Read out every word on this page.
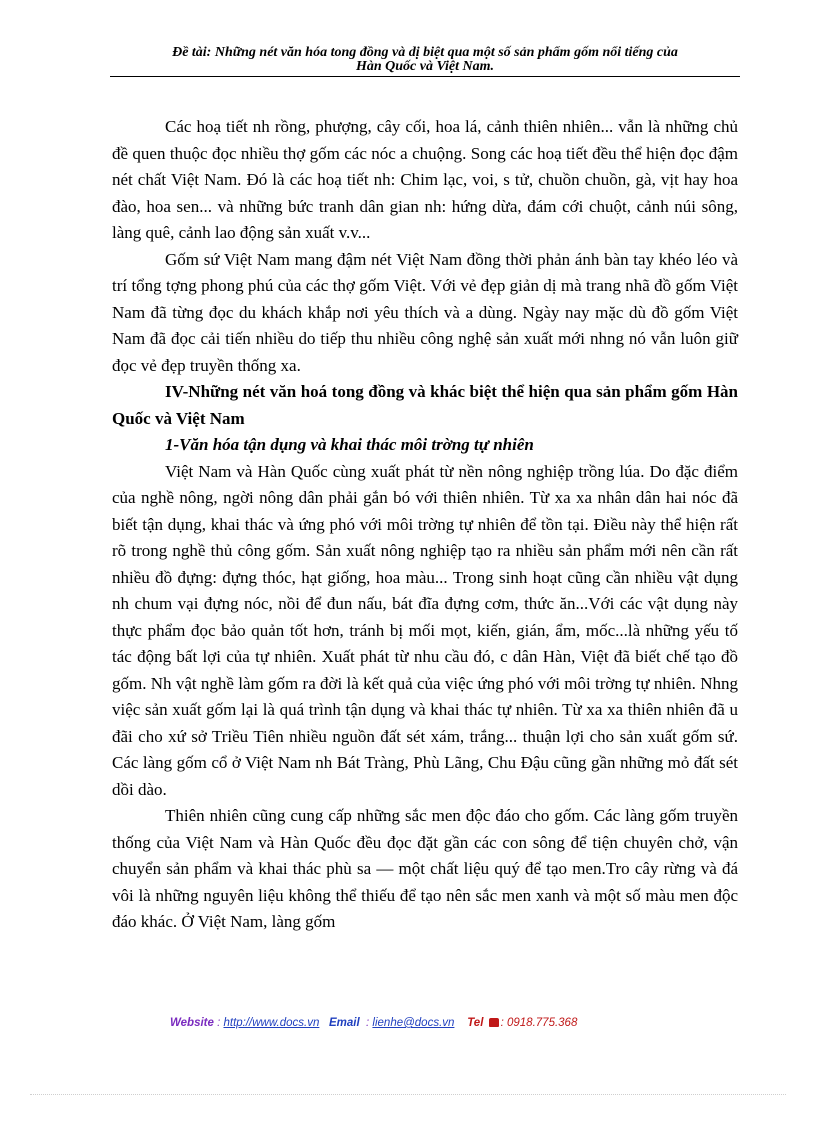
Đề tài: Những nét văn hóa tong đồng và dị biệt qua một số sản phẩm gốm nổi tiếng của
Hàn Quốc và Việt Nam.

Các hoạ tiết nh rồng, phượng, cây cối, hoa lá, cảnh thiên nhiên... vẫn là những chủ đề quen thuộc đọc nhiều thợ gốm các nóc a chuộng. Song các hoạ tiết đều thể hiện đọc đậm nét chất Việt Nam. Đó là các hoạ tiết nh: Chim lạc, voi, s tử, chuồn chuồn, gà, vịt hay hoa đào, hoa sen... và những bức tranh dân gian nh: hứng dừa, đám cới chuột, cảnh núi sông, làng quê, cảnh lao động sản xuất v.v...

Gốm sứ Việt Nam mang đậm nét Việt Nam đồng thời phản ánh bàn tay khéo léo và trí tổng tợng phong phú của các thợ gốm Việt. Với vẻ đẹp giản dị mà trang nhã đồ gốm Việt Nam đã từng đọc du khách khắp nơi yêu thích và a dùng. Ngày nay mặc dù đồ gốm Việt Nam đã đọc cải tiến nhiều do tiếp thu nhiều công nghệ sản xuất mới nhng nó vẫn luôn giữ đọc vẻ đẹp truyền thống xa.

IV-Những nét văn hoá tong đồng và khác biệt thể hiện qua sản phẩm gốm Hàn Quốc và Việt Nam

1-Văn hóa tận dụng và khai thác môi trờng tự nhiên

Việt Nam và Hàn Quốc cùng xuất phát từ nền nông nghiệp trồng lúa. Do đặc điểm của nghề nông, ngời nông dân phải gắn bó với thiên nhiên. Từ xa xa nhân dân hai nóc đã biết tận dụng, khai thác và ứng phó với môi trờng tự nhiên để tồn tại. Điều này thể hiện rất rõ trong nghề thủ công gốm. Sản xuất nông nghiệp tạo ra nhiều sản phẩm mới nên cần rất nhiều đồ đựng: đựng thóc, hạt giống, hoa màu... Trong sinh hoạt cũng cần nhiều vật dụng nh chum vại đựng nóc, nồi để đun nấu, bát đĩa đựng cơm, thức ăn...Với các vật dụng này thực phẩm đọc bảo quản tốt hơn, tránh bị mối mọt, kiến, gián, ẩm, mốc...là những yếu tố tác động bất lợi của tự nhiên. Xuất phát từ nhu cầu đó, c dân Hàn, Việt đã biết chế tạo đồ gốm. Nh vật nghề làm gốm ra đời là kết quả của việc ứng phó với môi trờng tự nhiên. Nhng việc sản xuất gốm lại là quá trình tận dụng và khai thác tự nhiên. Từ xa xa thiên nhiên đã u đãi cho xứ sở Triều Tiên nhiều nguồn đất sét xám, trắng... thuận lợi cho sản xuất gốm sứ. Các làng gốm cổ ở Việt Nam nh Bát Tràng, Phù Lãng, Chu Đậu cũng gần những mỏ đất sét dồi dào.

Thiên nhiên cũng cung cấp những sắc men độc đáo cho gốm. Các làng gốm truyền thống của Việt Nam và Hàn Quốc đều đọc đặt gần các con sông để tiện chuyên chở, vận chuyển sản phẩm và khai thác phù sa — một chất liệu quý để tạo men.Tro cây rừng và đá vôi là những nguyên liệu không thể thiếu để tạo nên sắc men xanh và một số màu men độc đáo khác. Ở Việt Nam, làng gốm

Website : http://www.docs.vn Email  : lienhe@docs.vn Tel : 0918.775.368
